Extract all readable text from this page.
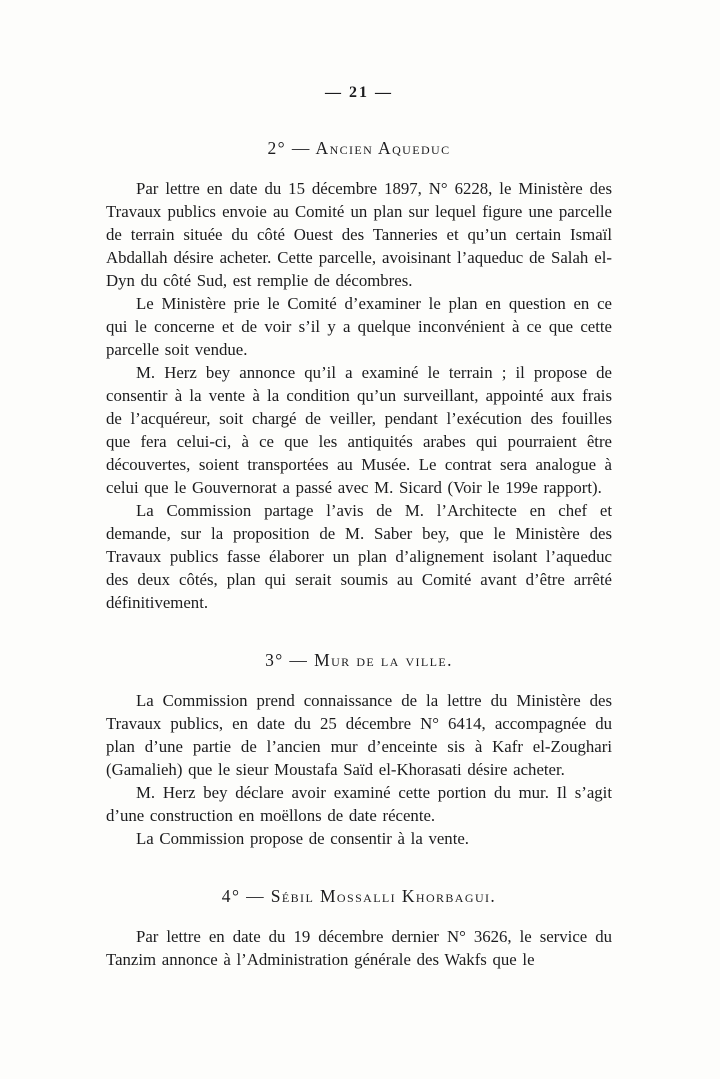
— 21 —
2° — Ancien Aqueduc

Par lettre en date du 15 décembre 1897, N° 6228, le Ministère des Travaux publics envoie au Comité un plan sur lequel figure une parcelle de terrain située du côté Ouest des Tanneries et qu’un certain Ismaïl Abdallah désire acheter. Cette parcelle, avoisinant l’aqueduc de Salah el-Dyn du côté Sud, est remplie de décombres.

Le Ministère prie le Comité d’examiner le plan en question en ce qui le concerne et de voir s’il y a quelque inconvénient à ce que cette parcelle soit vendue.

M. Herz bey annonce qu’il a examiné le terrain ; il propose de consentir à la vente à la condition qu’un surveillant, appointé aux frais de l’acquéreur, soit chargé de veiller, pendant l’exécution des fouilles que fera celui-ci, à ce que les antiquités arabes qui pourraient être découvertes, soient transportées au Musée. Le contrat sera analogue à celui que le Gouvernorat a passé avec M. Sicard (Voir le 199e rapport).

La Commission partage l’avis de M. l’Architecte en chef et demande, sur la proposition de M. Saber bey, que le Ministère des Travaux publics fasse élaborer un plan d’alignement isolant l’aqueduc des deux côtés, plan qui serait soumis au Comité avant d’être arrêté définitivement.

3° — Mur de la ville.

La Commission prend connaissance de la lettre du Ministère des Travaux publics, en date du 25 décembre N° 6414, accompagnée du plan d’une partie de l’ancien mur d’enceinte sis à Kafr el-Zoughari (Gamalieh) que le sieur Moustafa Saïd el-Khorasati désire acheter.

M. Herz bey déclare avoir examiné cette portion du mur. Il s’agit d’une construction en moëllons de date récente.

La Commission propose de consentir à la vente.

4° — Sébil Mossalli Khorbagui.

Par lettre en date du 19 décembre dernier N° 3626, le service du Tanzim annonce à l’Administration générale des Wakfs que le
